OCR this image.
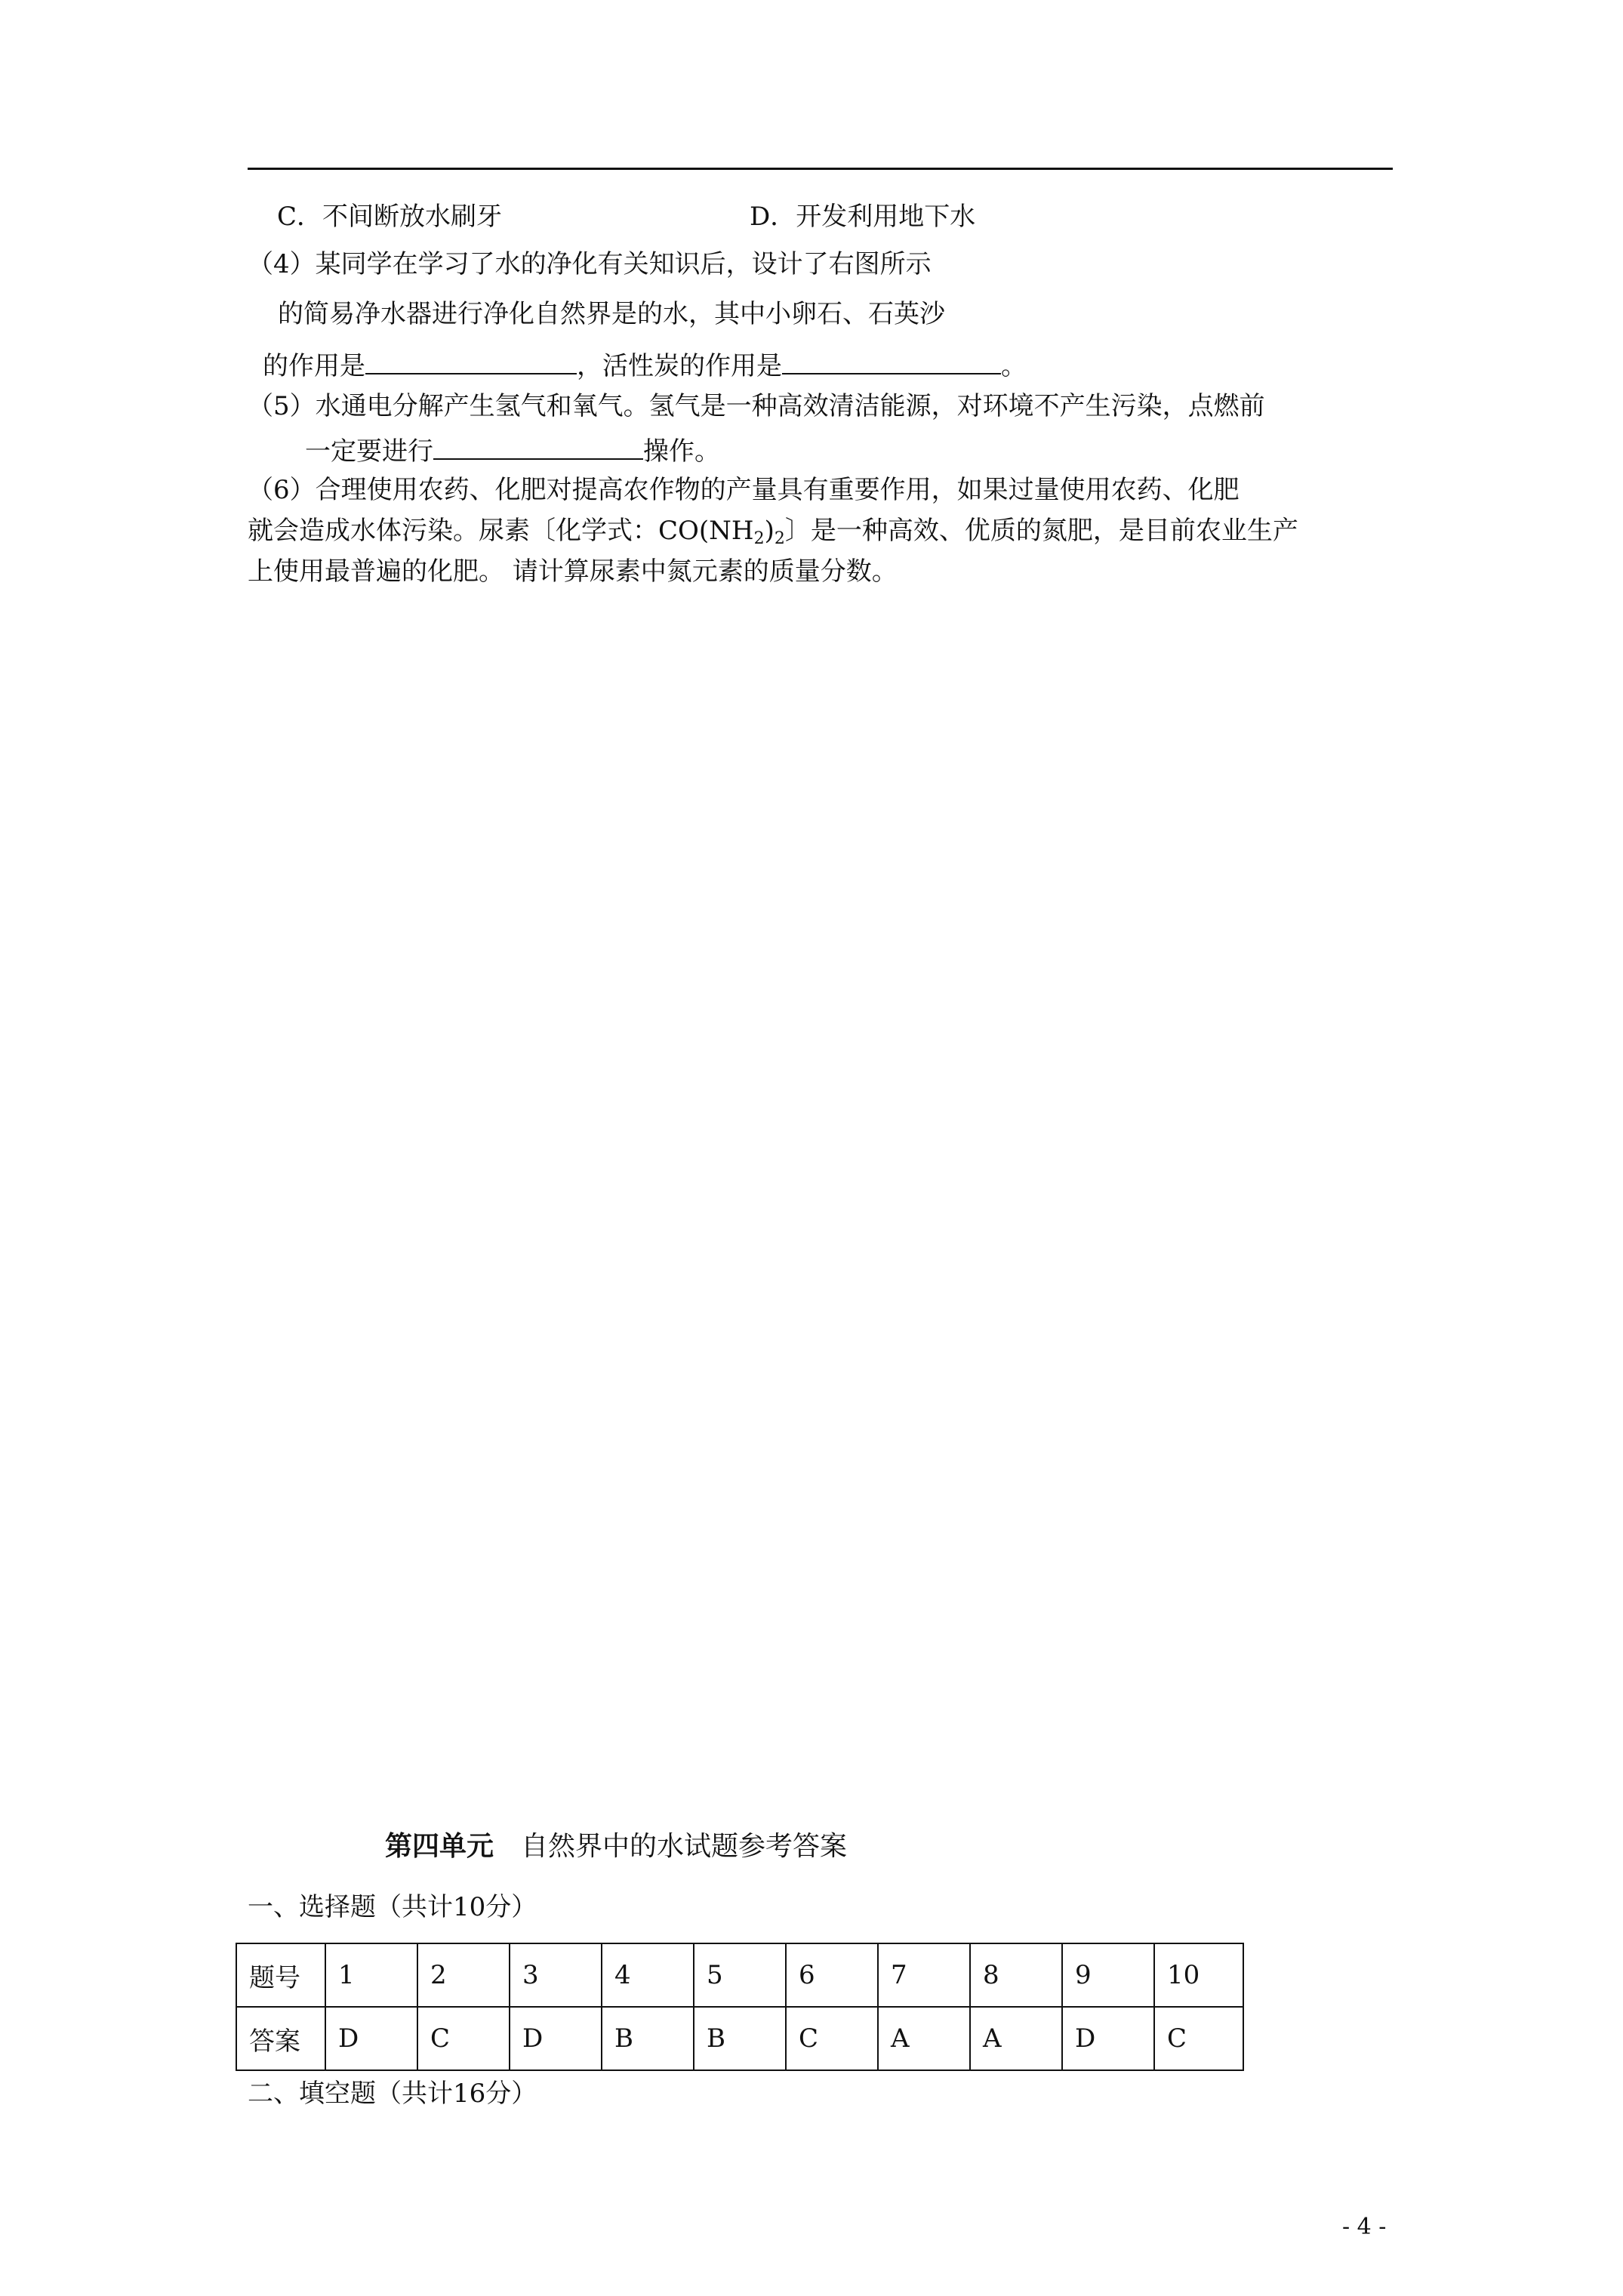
C．不间断放水刷牙	D．开发利用地下水
（4）某同学在学习了水的净化有关知识后，设计了右图所示
的简易净水器进行净化自然界是的水，其中小卵石、石英沙
的作用是	，活性炭的作用是	。
（5）水通电分解产生氢气和氧气。氢气是一种高效清洁能源，对环境不产生污染，点燃前
一定要进行	操作。
（6）合理使用农药、化肥对提高农作物的产量具有重要作用，如果过量使用农药、化肥
就会造成水体污染。尿素〔化学式：$CO(NH_2)_2$〕是一种高效、优质的氮肥，是目前农业生产
上使用最普遍的化肥。 请计算尿素中氮元素的质量分数。
第四单元 自然界中的水试题参考答案
一、选择题（共计10分）
题号	1	2	3	4	5	6	7	8	9	10
答案	D	C	D	B	B	C	A	A	D	C
二、填空题（共计16分）
- 4 -
